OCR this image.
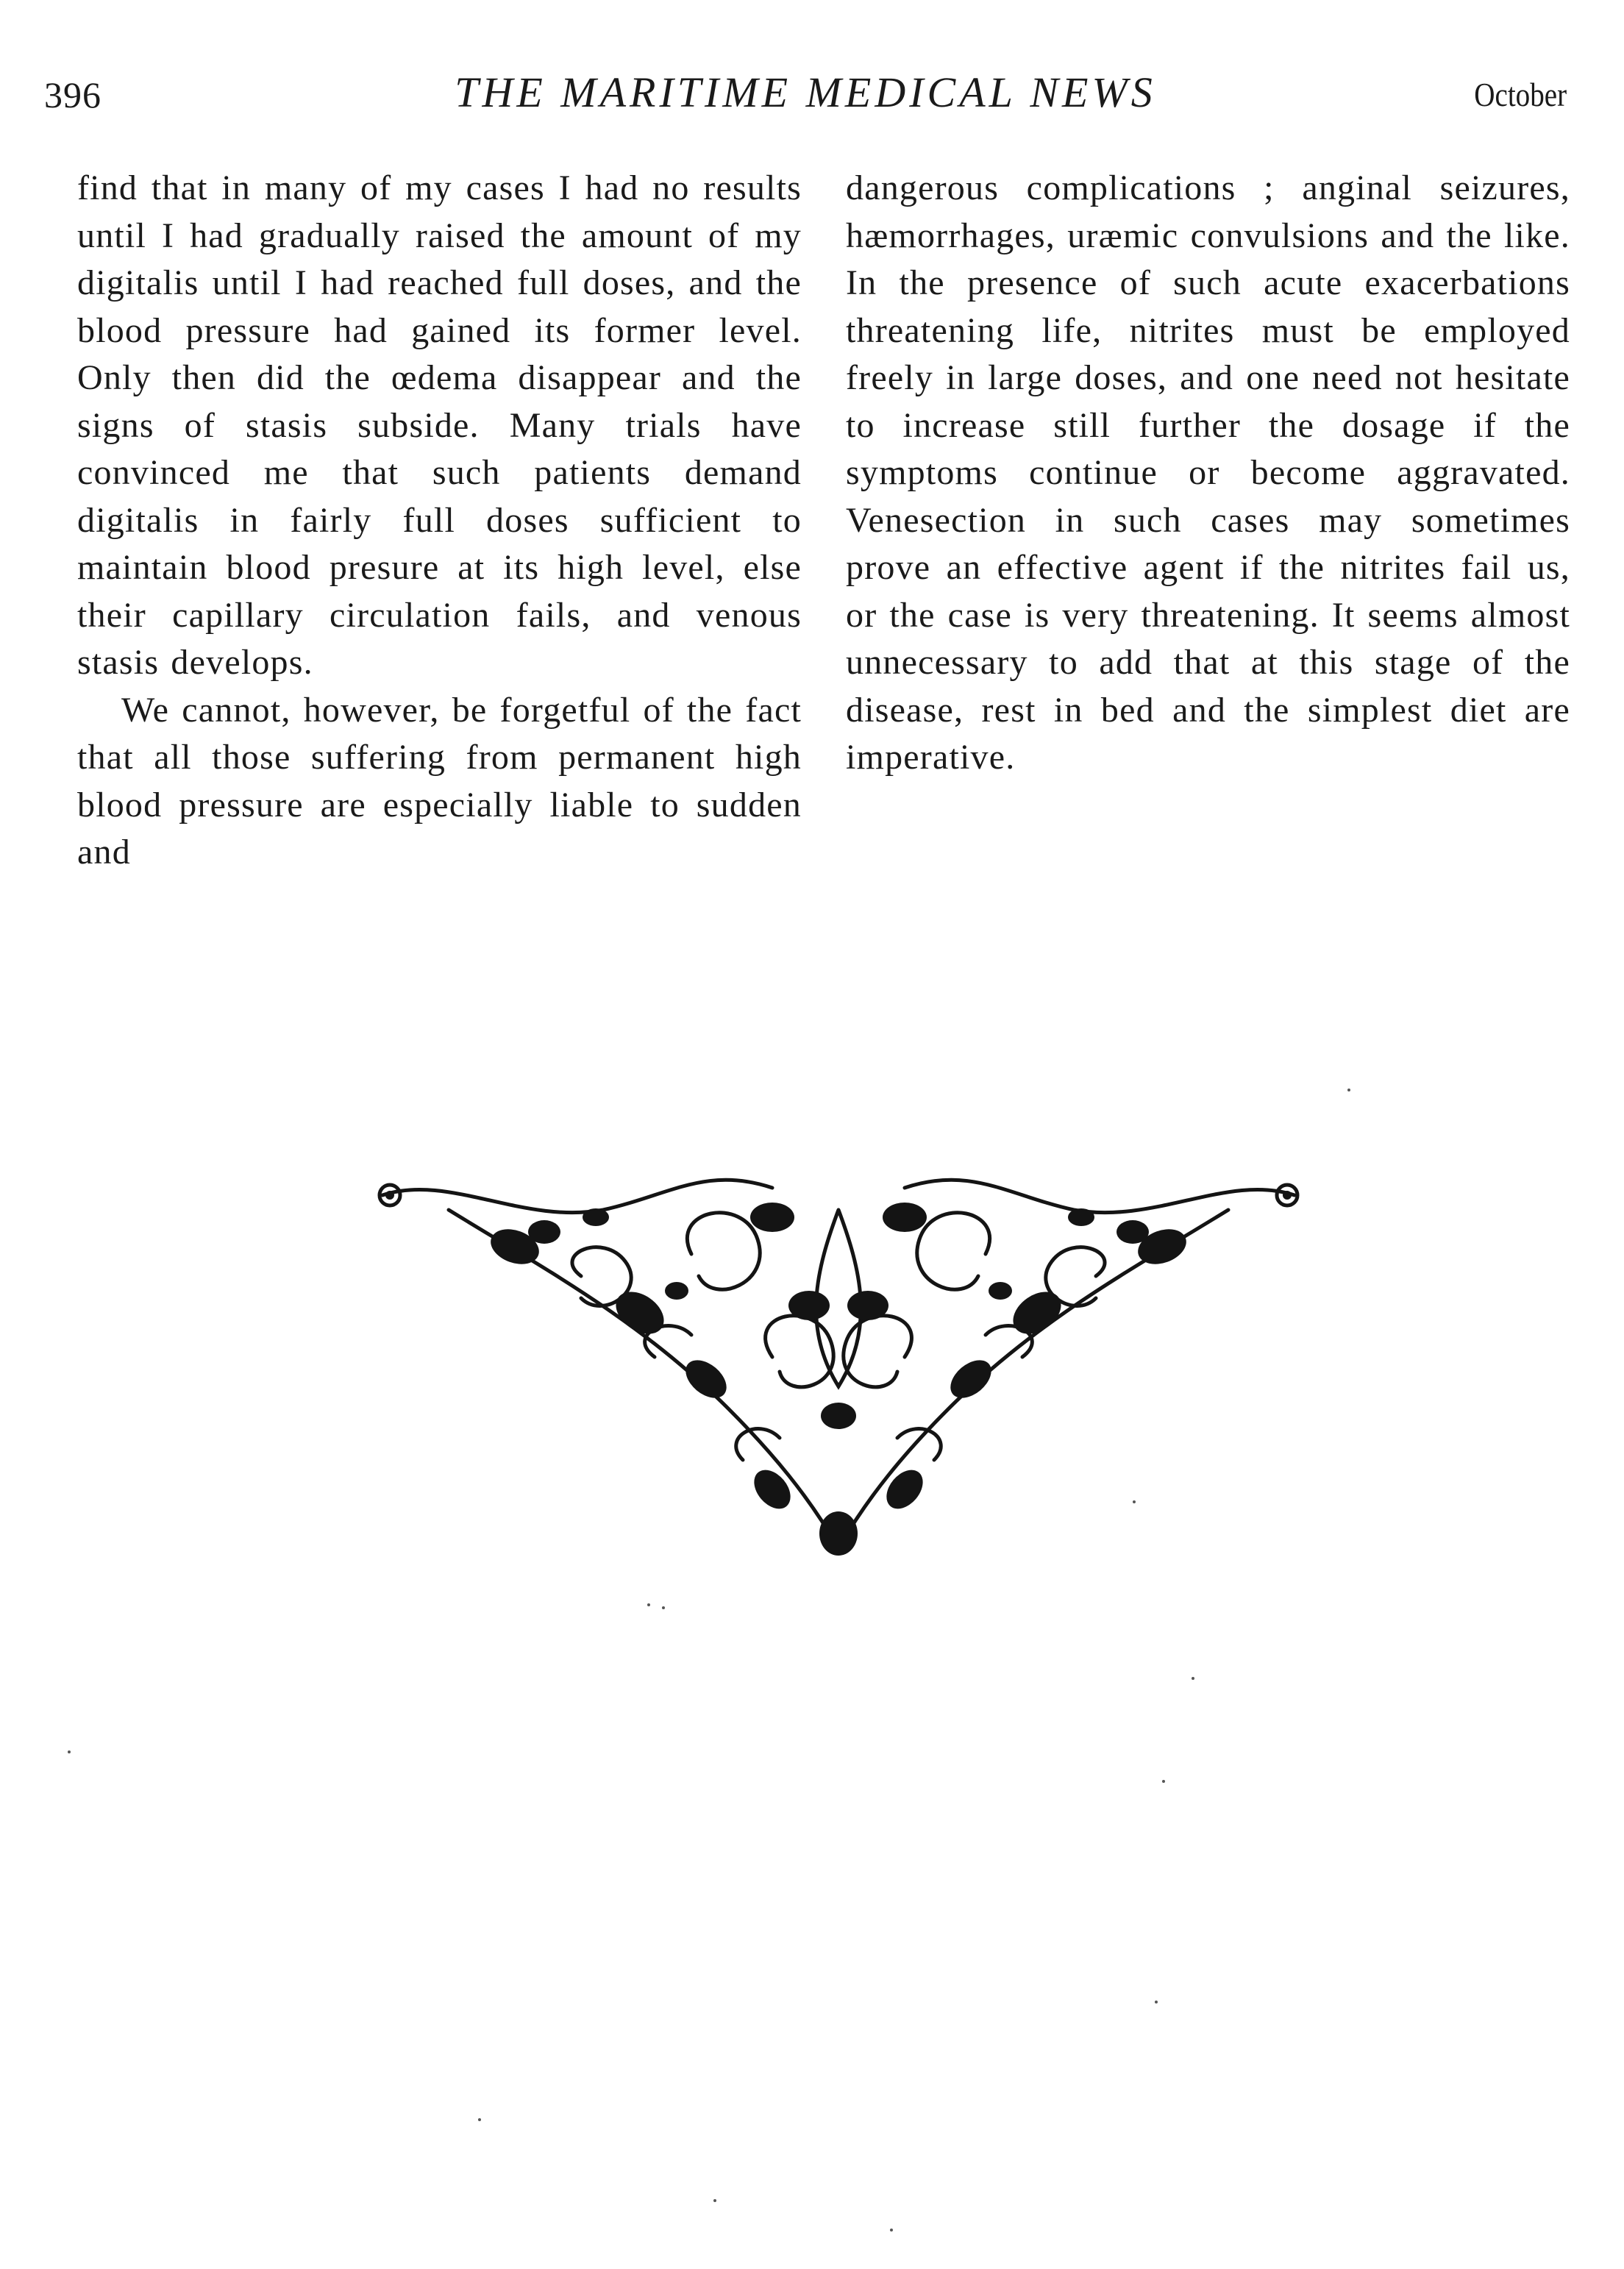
396	THE MARITIME MEDICAL NEWS	October

find that in many of my cases I had no results until I had gradually raised the amount of my digitalis until I had reached full doses, and the blood pressure had gained its former level. Only then did the œdema disappear and the signs of stasis subside. Many trials have convinced me that such patients demand digitalis in fairly full doses sufficient to maintain blood presure at its high level, else their capillary circulation fails, and venous stasis develops.

We cannot, however, be forgetful of the fact that all those suffering from permanent high blood pressure are especially liable to sudden and

dangerous complications ; anginal seizures, hæmorrhages, uræmic convulsions and the like. In the presence of such acute exacerbations threatening life, nitrites must be employed freely in large doses, and one need not hesitate to increase still further the dosage if the symptoms continue or become aggravated. Venesection in such cases may sometimes prove an effective agent if the nitrites fail us, or the case is very threatening. It seems almost unnecessary to add that at this stage of the disease, rest in bed and the simplest diet are imperative.
